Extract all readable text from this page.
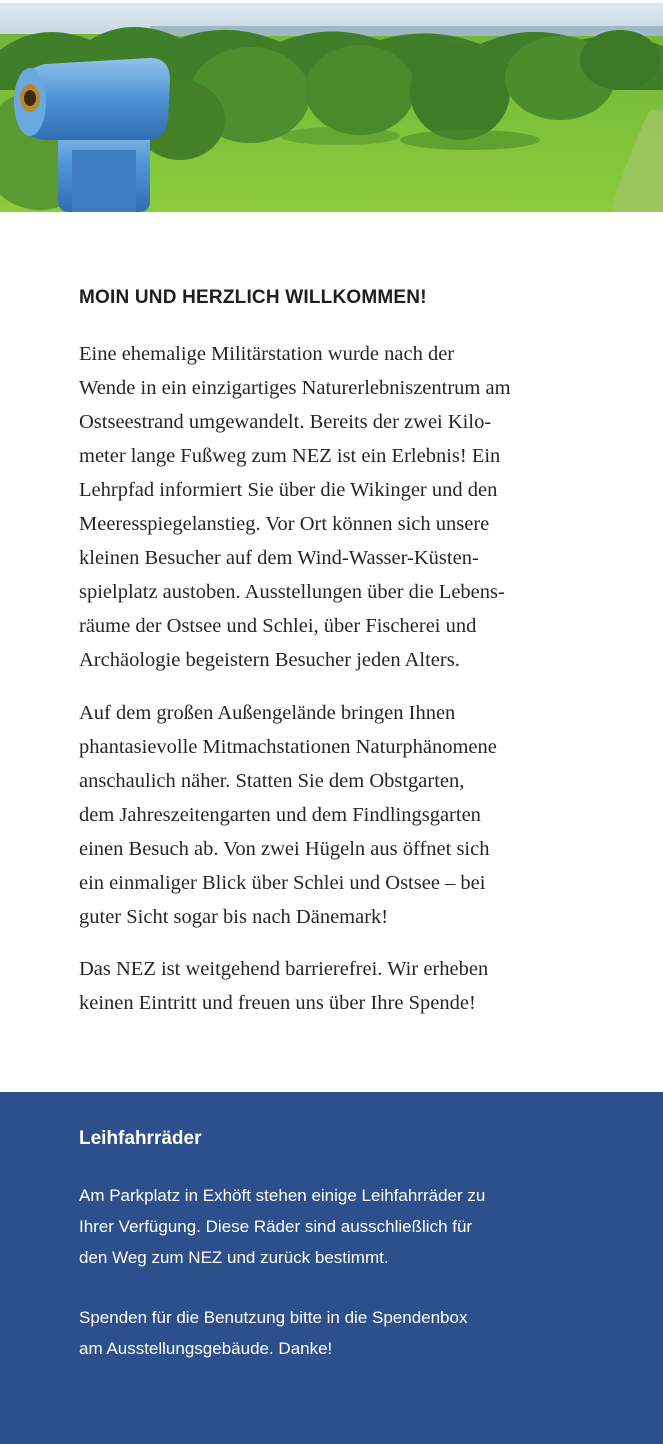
MOIN UND HERZLICH WILLKOMMEN!

Eine ehemalige Militärstation wurde nach der
Wende in ein einzigartiges Naturerlebniszentrum am
Ostseestrand umgewandelt. Bereits der zwei Kilo-
meter lange Fußweg zum NEZ ist ein Erlebnis! Ein
Lehrpfad informiert Sie über die Wikinger und den
Meeresspiegelanstieg. Vor Ort können sich unsere
kleinen Besucher auf dem Wind-Wasser-Küsten-
spielplatz austoben. Ausstellungen über die Lebens-
räume der Ostsee und Schlei, über Fischerei und
Archäologie begeistern Besucher jeden Alters.

Auf dem großen Außengelände bringen Ihnen
phantasievolle Mitmachstationen Naturphänomene
anschaulich näher. Statten Sie dem Obstgarten,
dem Jahreszeitengarten und dem Findlingsgarten
einen Besuch ab. Von zwei Hügeln aus öffnet sich
ein einmaliger Blick über Schlei und Ostsee – bei
guter Sicht sogar bis nach Dänemark!

Das NEZ ist weitgehend barrierefrei. Wir erheben
keinen Eintritt und freuen uns über Ihre Spende!

Leihfahrräder

Am Parkplatz in Exhöft stehen einige Leihfahrräder zu
Ihrer Verfügung. Diese Räder sind ausschließlich für
den Weg zum NEZ und zurück bestimmt.

Spenden für die Benutzung bitte in die Spendenbox
am Ausstellungsgebäude. Danke!
